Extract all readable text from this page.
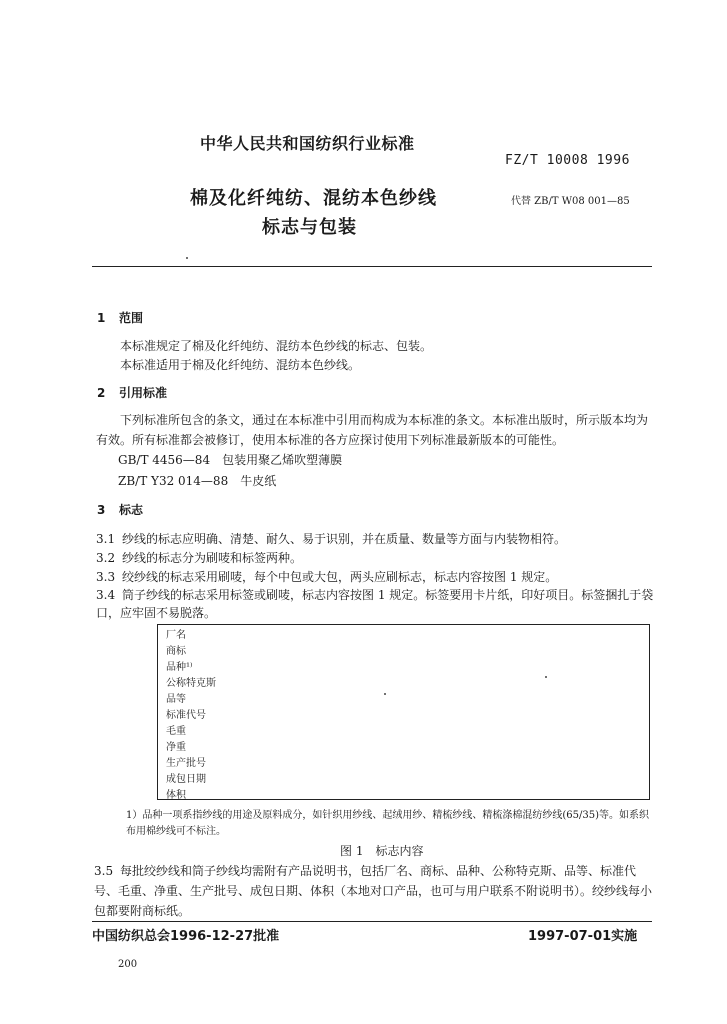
中华人民共和国纺织行业标准
FZ/T 10008 1996
棉及化纤纯纺、混纺本色纱线
标志与包装
代替 ZB/T W08 001—85
1 范围
本标准规定了棉及化纤纯纺、混纺本色纱线的标志、包装。
本标准适用于棉及化纤纯纺、混纺本色纱线。
2 引用标准
下列标准所包含的条文，通过在本标准中引用而构成为本标准的条文。本标准出版时，所示版本均为有效。所有标准都会被修订，使用本标准的各方应探讨使用下列标准最新版本的可能性。
GB/T 4456—84　包装用聚乙烯吹塑薄膜
ZB/T Y32 014—88　牛皮纸
3 标志
3.1 纱线的标志应明确、清楚、耐久、易于识别，并在质量、数量等方面与内装物相符。
3.2 纱线的标志分为刷唛和标签两种。
3.3 绞纱线的标志采用刷唛，每个中包或大包，两头应刷标志，标志内容按图 1 规定。
3.4 筒子纱线的标志采用标签或刷唛，标志内容按图 1 规定。标签要用卡片纸，印好项目。标签捆扎于袋口，应牢固不易脱落。
厂名
商标
品种¹⁾
公称特克斯
品等
标准代号
毛重
净重
生产批号
成包日期
体积
1）品种一项系指纱线的用途及原料成分，如针织用纱线、起绒用纱、精梳纱线、精梳涤棉混纺纱线(65/35)等。如系织布用棉纱线可不标注。
图 1　标志内容
3.5 每批绞纱线和筒子纱线均需附有产品说明书，包括厂名、商标、品种、公称特克斯、品等、标准代号、毛重、净重、生产批号、成包日期、体积（本地对口产品，也可与用户联系不附说明书）。绞纱线每小包都要附商标纸。
中国纺织总会1996-12-27批准	1997-07-01实施
200
